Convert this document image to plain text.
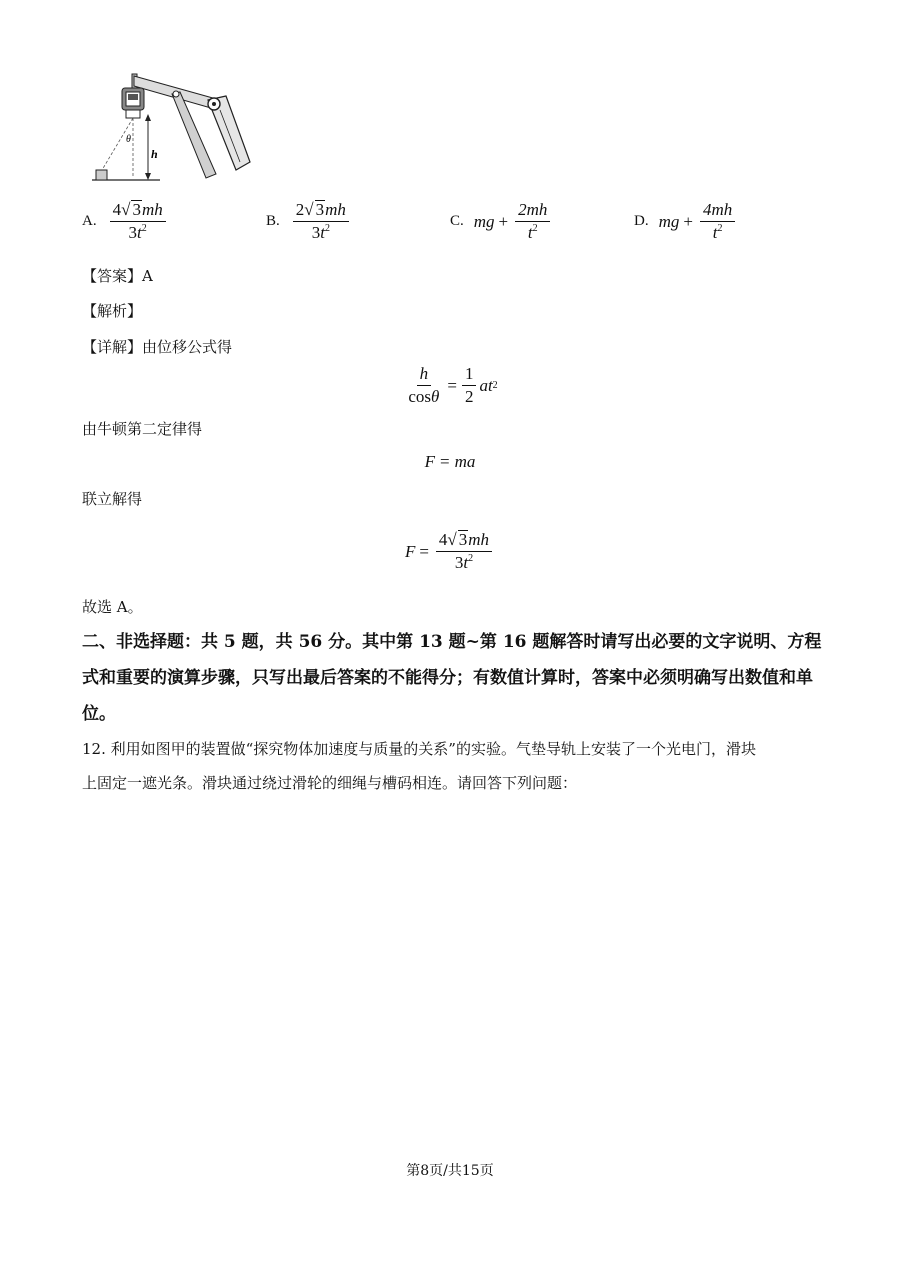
θ
h
A. $\frac{4√ 3mh}{3t^2}$	B. $\frac{2√ 3mh}{3t^2}$	C. mg + $\frac{2mh}{t^2}$	D. mg + $\frac{4mh}{t^2}$
【答案】A
【解析】
【详解】由位移公式得
$\frac{h}{\cos\theta} = \frac{1}{2}$ at 2
由牛顿第二定律得
F = ma
联立解得
$F = \frac{4√ 3mh}{3t^2}$
故选 A。
二、非选择题：共 5 题，共 56 分。其中第 13 题~第 16 题解答时请写出必要的文字说明、方程式和重要的演算步骤，只写出最后答案的不能得分；有数值计算时，答案中必须明确写出数值和单位。
12. 利用如图甲的装置做“探究物体加速度与质量的关系”的实验。气垫导轨上安装了一个光电门，滑块
上固定一遮光条。滑块通过绕过滑轮的细绳与槽码相连。请回答下列问题：
第8页/共15页
